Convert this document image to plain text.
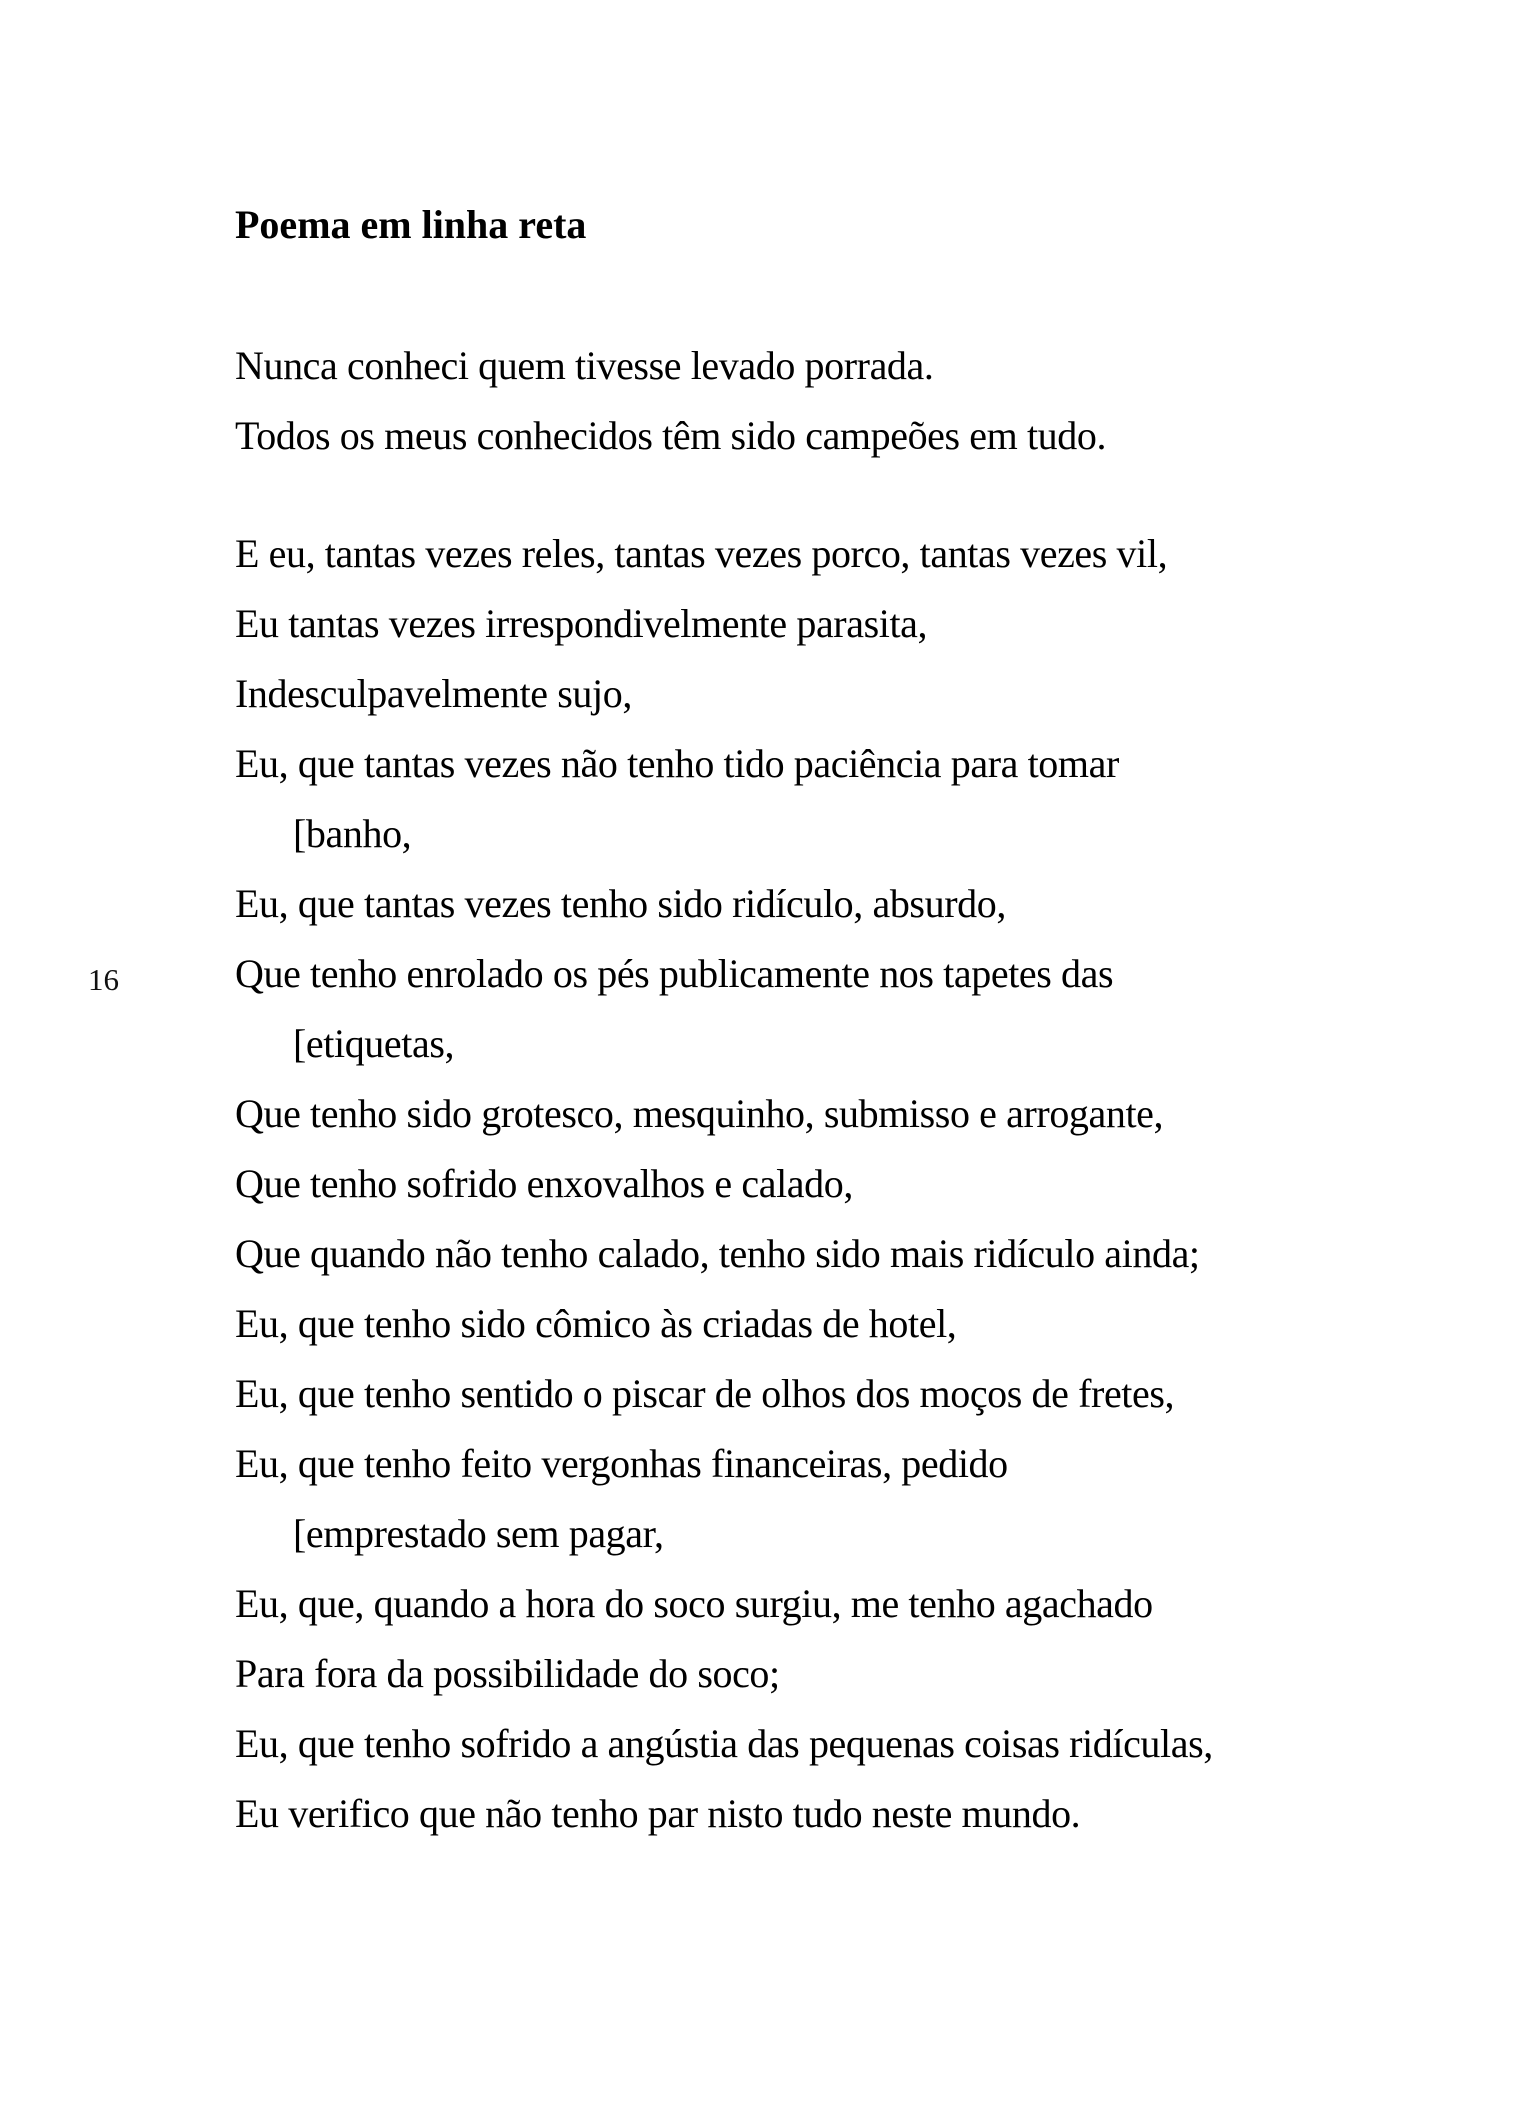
16
Poema em linha reta
Nunca conheci quem tivesse levado porrada.
Todos os meus conhecidos têm sido campeões em tudo.
E eu, tantas vezes reles, tantas vezes porco, tantas vezes vil,
Eu tantas vezes irrespondivelmente parasita,
Indesculpavelmente sujo,
Eu, que tantas vezes não tenho tido paciência para tomar
[banho,
Eu, que tantas vezes tenho sido ridículo, absurdo,
Que tenho enrolado os pés publicamente nos tapetes das
[etiquetas,
Que tenho sido grotesco, mesquinho, submisso e arrogante,
Que tenho sofrido enxovalhos e calado,
Que quando não tenho calado, tenho sido mais ridículo ainda;
Eu, que tenho sido cômico às criadas de hotel,
Eu, que tenho sentido o piscar de olhos dos moços de fretes,
Eu, que tenho feito vergonhas financeiras, pedido
[emprestado sem pagar,
Eu, que, quando a hora do soco surgiu, me tenho agachado
Para fora da possibilidade do soco;
Eu, que tenho sofrido a angústia das pequenas coisas ridículas,
Eu verifico que não tenho par nisto tudo neste mundo.
